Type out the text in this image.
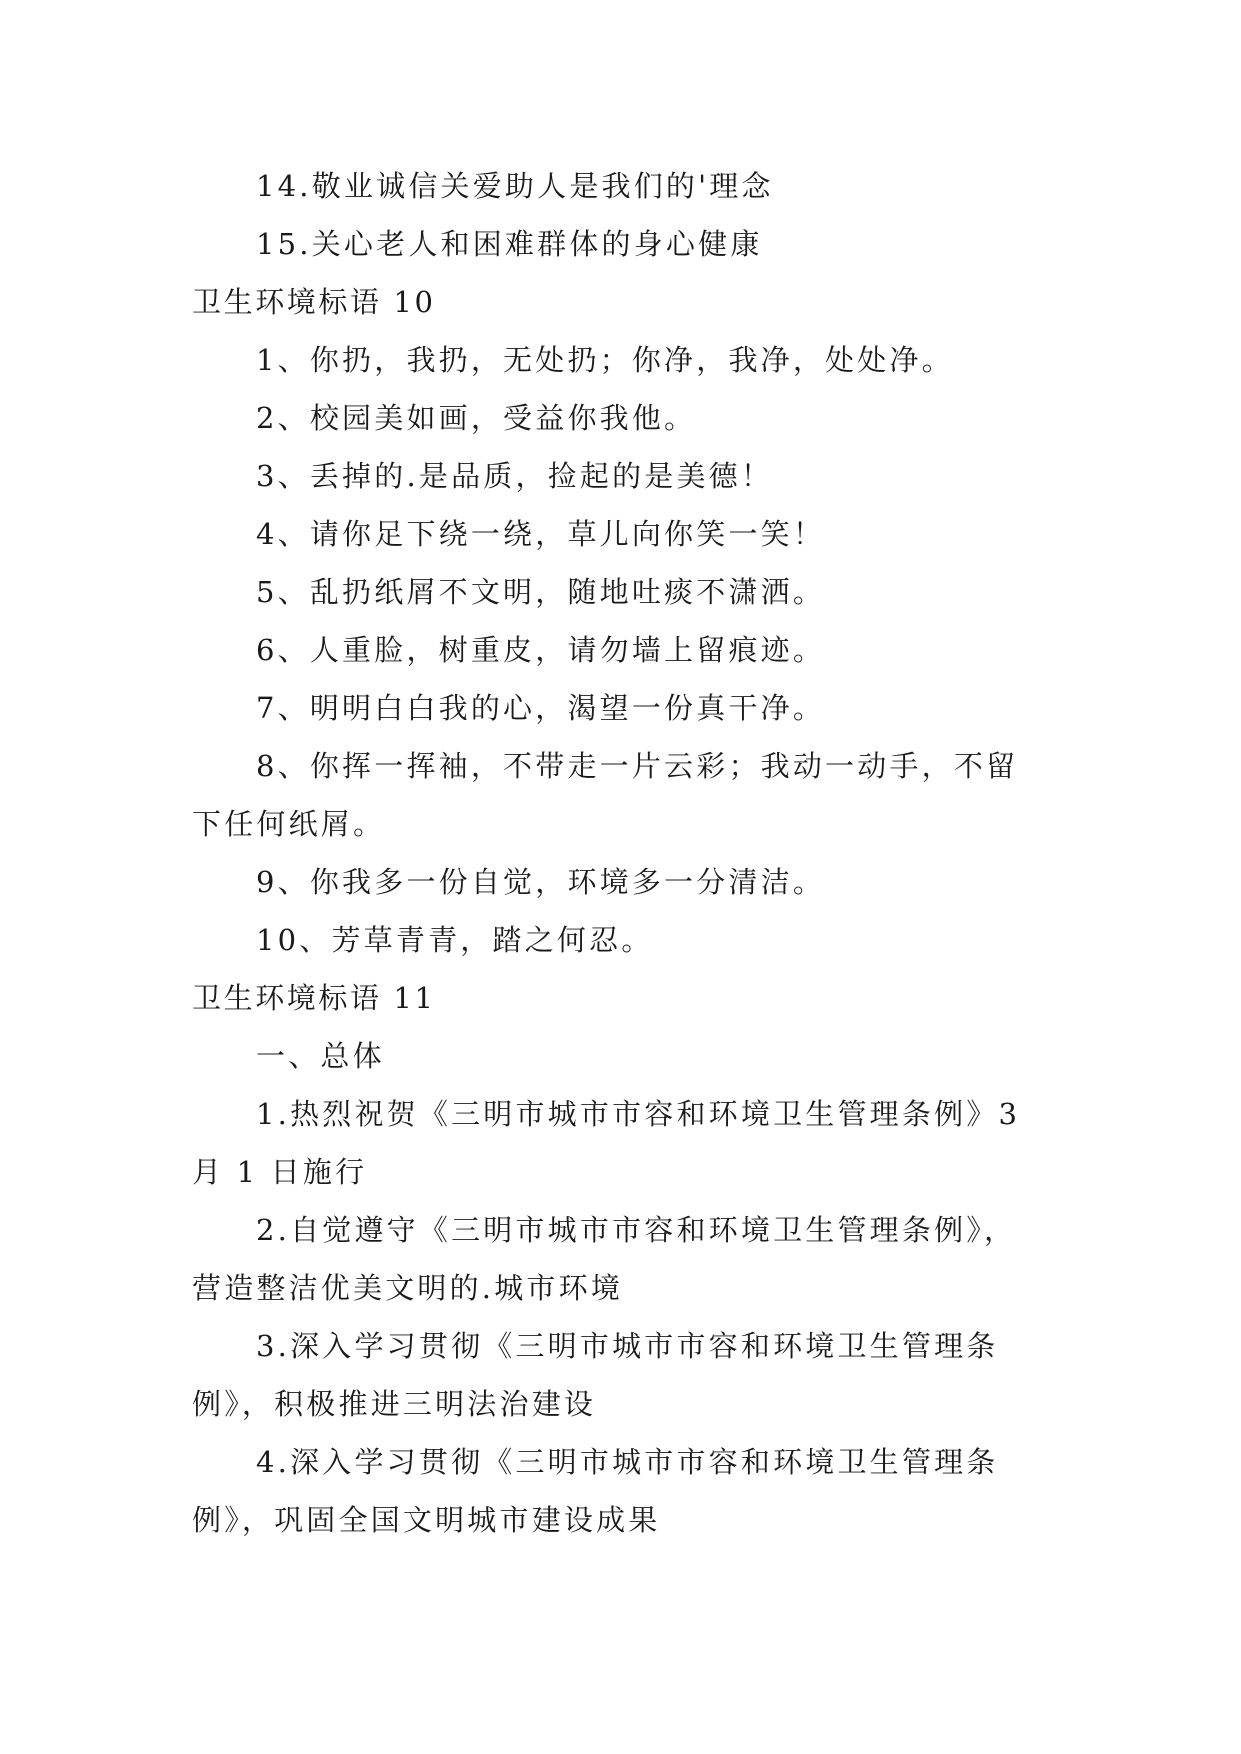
14.敬业诚信关爱助人是我们的'理念
15.关心老人和困难群体的身心健康
卫生环境标语 10
1、你扔，我扔，无处扔；你净，我净，处处净。
2、校园美如画，受益你我他。
3、丢掉的.是品质，捡起的是美德！
4、请你足下绕一绕，草儿向你笑一笑！
5、乱扔纸屑不文明，随地吐痰不潇洒。
6、人重脸，树重皮，请勿墙上留痕迹。
7、明明白白我的心，渴望一份真干净。
8、你挥一挥袖，不带走一片云彩；我动一动手，不留
下任何纸屑。
9、你我多一份自觉，环境多一分清洁。
10、芳草青青，踏之何忍。
卫生环境标语 11
一、总体
1.热烈祝贺《三明市城市市容和环境卫生管理条例》3
月 1 日施行
2.自觉遵守《三明市城市市容和环境卫生管理条例》，
营造整洁优美文明的.城市环境
3.深入学习贯彻《三明市城市市容和环境卫生管理条
例》，积极推进三明法治建设
4.深入学习贯彻《三明市城市市容和环境卫生管理条
例》，巩固全国文明城市建设成果
